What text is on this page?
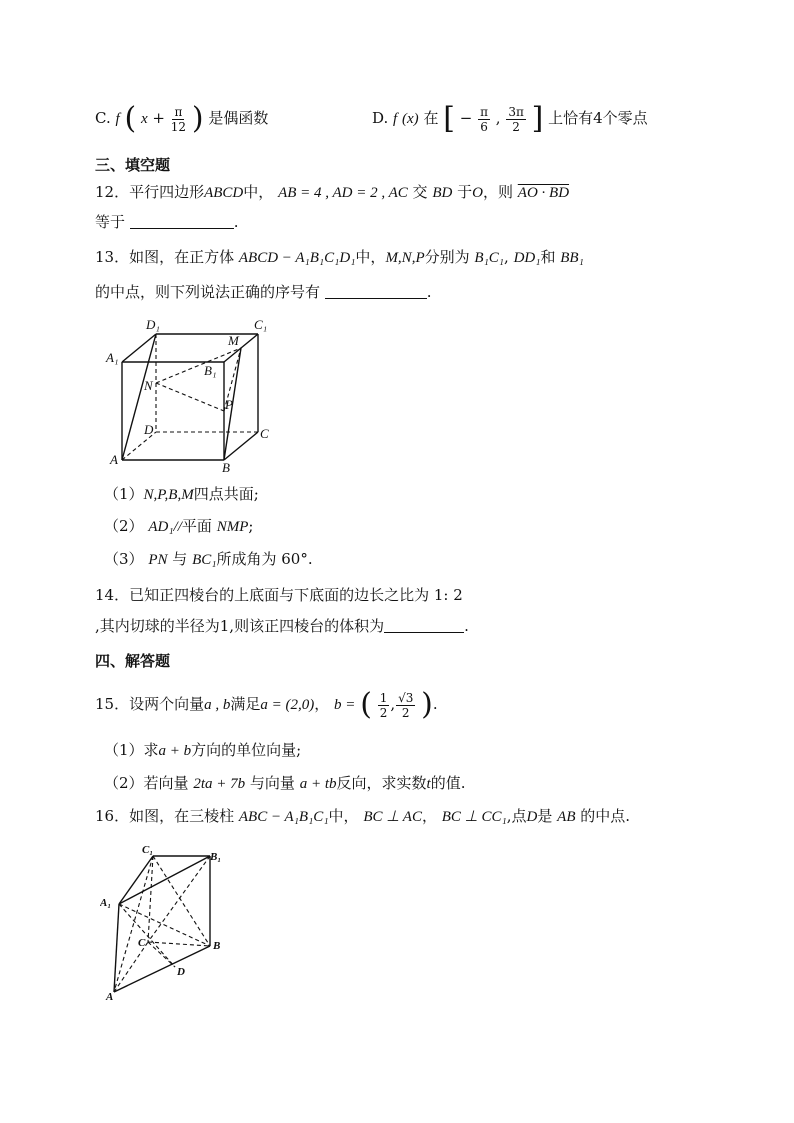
C. f ( $x + \frac{\pi}{12}$ ) 是偶函数	D. f (x) 在 [ − $\frac{\pi}{6}$ , $\frac{3\pi}{2}$ ] 上恰有4个零点
三、填空题
12．平行四边形ABCD中， AB = 4 , AD = 2 , AC 交 BD 于O，则 AO · BD
等于	.
13．如图，在正方体 ABCD − A₁B₁C₁D₁中，M,N,P分别为 B₁C₁, DD₁和 BB₁
的中点，则下列说法正确的序号有	.
D₁	C₁
A₁
M
B₁
N
P
D	C
A
B
（1）N,P,B,M四点共面;
（2） AD₁//平面 NMP;
（3） PN 与 BC₁所成角为 60°.
14．已知正四棱台的上底面与下底面的边长之比为 1: 2
,其内切球的半径为1,则该正四棱台的体积为	.
四、解答题
15．设两个向量a , b满足a = (2,0)， b = ( $\frac{1}{2}$ , $\frac{√3}{2}$ ).
（1）求a + b方向的单位向量;
（2）若向量 2ta + 7b 与向量 a + tb反向，求实数t的值.
16．如图，在三棱柱 ABC − A₁B₁C₁中， BC ⊥ AC， BC ⊥ CC₁,点D是 AB 的中点.
C₁
B₁
A₁
C	B
D
A
